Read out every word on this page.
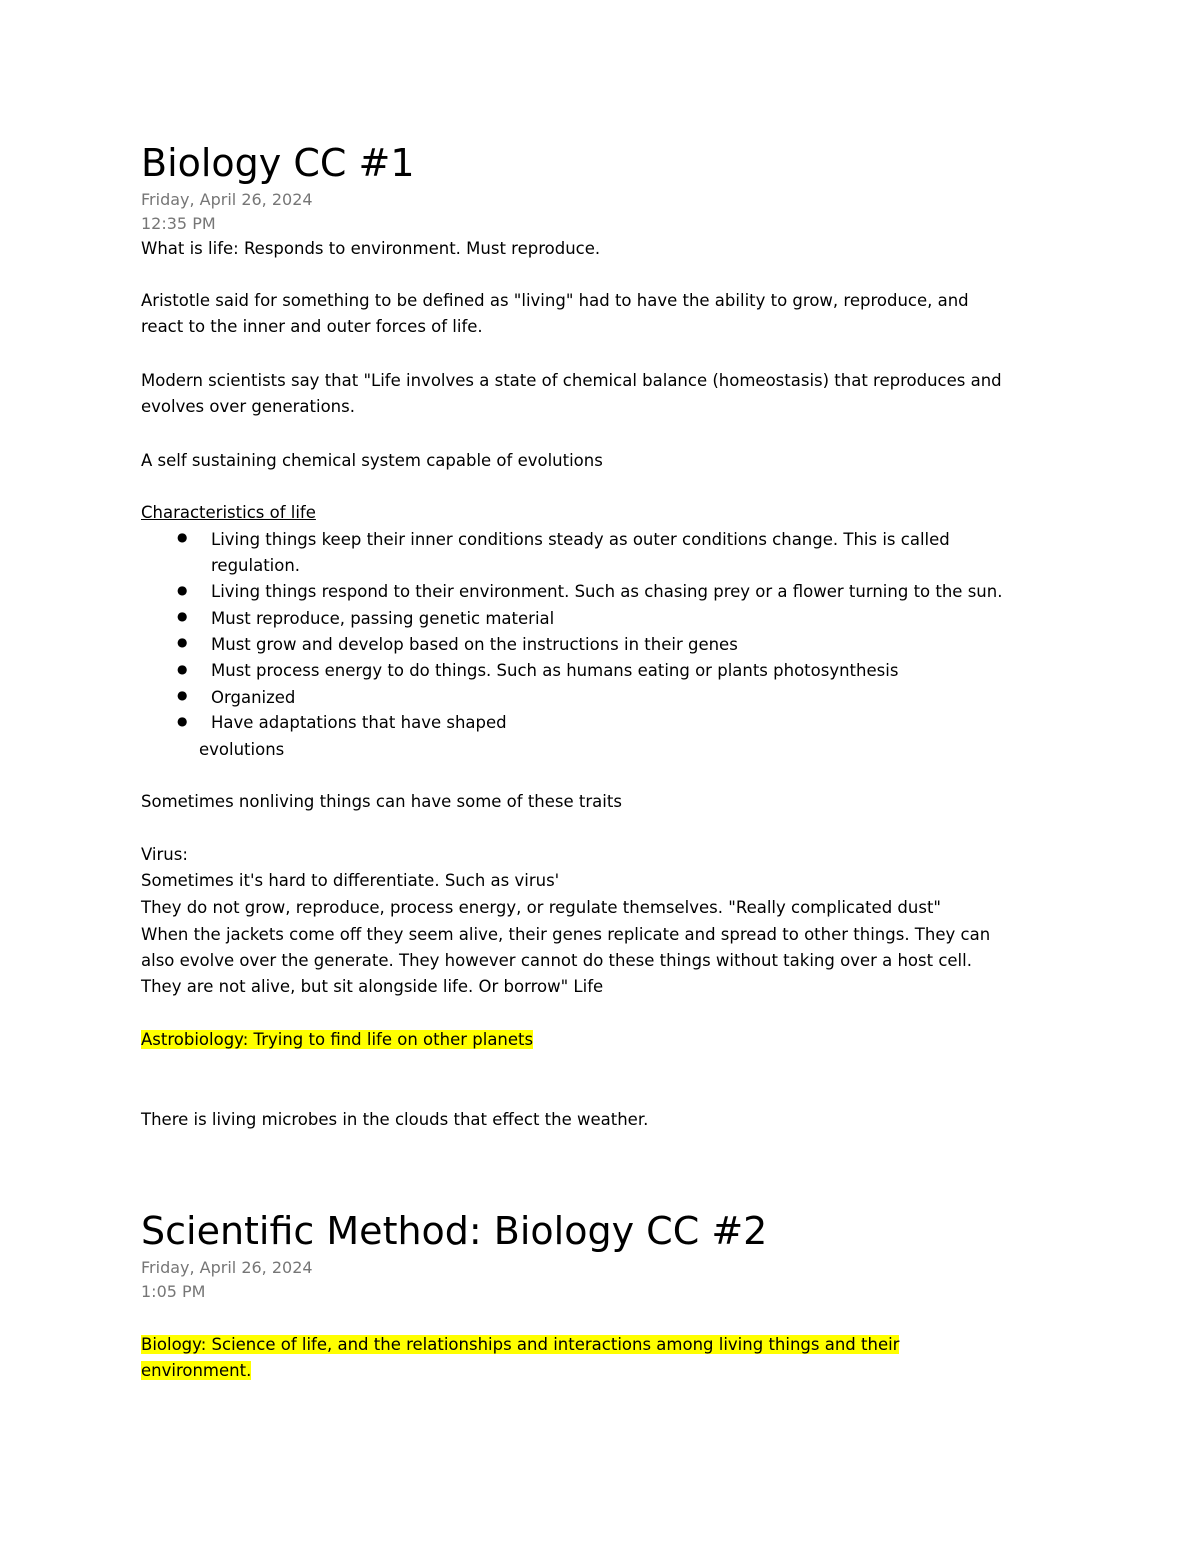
Biology CC #1
Friday, April 26, 2024
12:35 PM
What is life: Responds to environment. Must reproduce.
Aristotle said for something to be defined as "living" had to have the ability to grow, reproduce, and
react to the inner and outer forces of life.
Modern scientists say that "Life involves a state of chemical balance (homeostasis) that reproduces and
evolves over generations.
A self sustaining chemical system capable of evolutions
Characteristics of life
● Living things keep their inner conditions steady as outer conditions change. This is called
regulation.
● Living things respond to their environment. Such as chasing prey or a flower turning to the sun.
● Must reproduce, passing genetic material
● Must grow and develop based on the instructions in their genes
● Must process energy to do things. Such as humans eating or plants photosynthesis
● Organized
● Have adaptations that have shaped
evolutions
Sometimes nonliving things can have some of these traits
Virus:
Sometimes it's hard to differentiate. Such as virus'
They do not grow, reproduce, process energy, or regulate themselves. "Really complicated dust"
When the jackets come off they seem alive, their genes replicate and spread to other things. They can
also evolve over the generate. They however cannot do these things without taking over a host cell.
They are not alive, but sit alongside life. Or borrow" Life
Astrobiology: Trying to find life on other planets
There is living microbes in the clouds that effect the weather.
Scientific Method: Biology CC #2
Friday, April 26, 2024
1:05 PM
Biology: Science of life, and the relationships and interactions among living things and their
environment.
